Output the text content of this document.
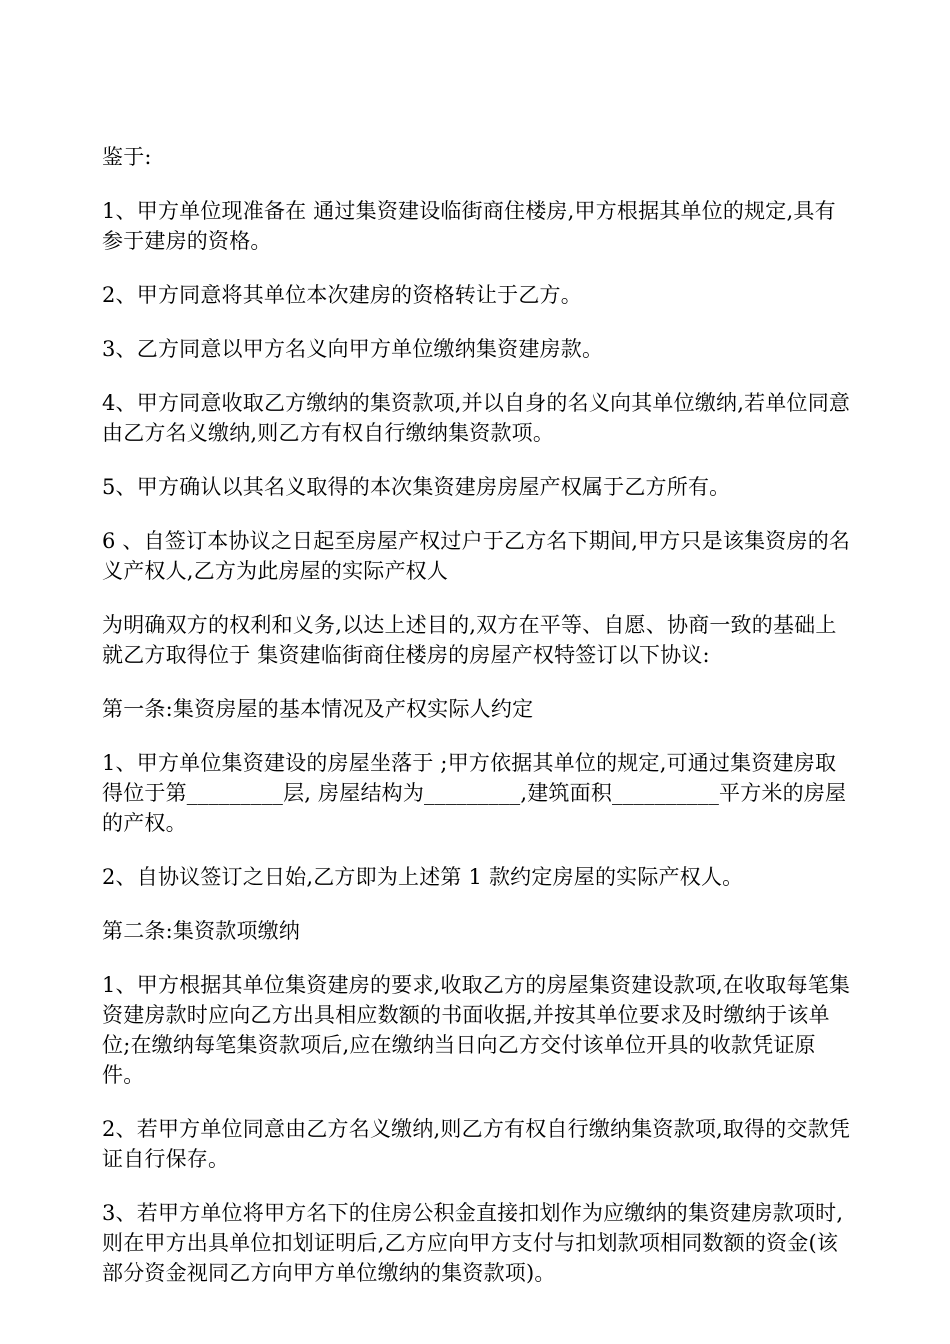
鉴于:

1、甲方单位现准备在 通过集资建设临街商住楼房,甲方根据其单位的规定,具有参于建房的资格。

2、甲方同意将其单位本次建房的资格转让于乙方。

3、乙方同意以甲方名义向甲方单位缴纳集资建房款。

4、甲方同意收取乙方缴纳的集资款项,并以自身的名义向其单位缴纳,若单位同意由乙方名义缴纳,则乙方有权自行缴纳集资款项。

5、甲方确认以其名义取得的本次集资建房房屋产权属于乙方所有。

6 、自签订本协议之日起至房屋产权过户于乙方名下期间,甲方只是该集资房的名义产权人,乙方为此房屋的实际产权人

为明确双方的权利和义务,以达上述目的,双方在平等、自愿、协商一致的基础上就乙方取得位于 集资建临街商住楼房的房屋产权特签订以下协议:

第一条:集资房屋的基本情况及产权实际人约定

1、甲方单位集资建设的房屋坐落于 ;甲方依据其单位的规定,可通过集资建房取得位于第_________层, 房屋结构为_________,建筑面积__________平方米的房屋的产权。

2、自协议签订之日始,乙方即为上述第 1 款约定房屋的实际产权人。

第二条:集资款项缴纳

1、甲方根据其单位集资建房的要求,收取乙方的房屋集资建设款项,在收取每笔集资建房款时应向乙方出具相应数额的书面收据,并按其单位要求及时缴纳于该单位;在缴纳每笔集资款项后,应在缴纳当日向乙方交付该单位开具的收款凭证原件。

2、若甲方单位同意由乙方名义缴纳,则乙方有权自行缴纳集资款项,取得的交款凭证自行保存。

3、若甲方单位将甲方名下的住房公积金直接扣划作为应缴纳的集资建房款项时,则在甲方出具单位扣划证明后,乙方应向甲方支付与扣划款项相同数额的资金(该部分资金视同乙方向甲方单位缴纳的集资款项)。
